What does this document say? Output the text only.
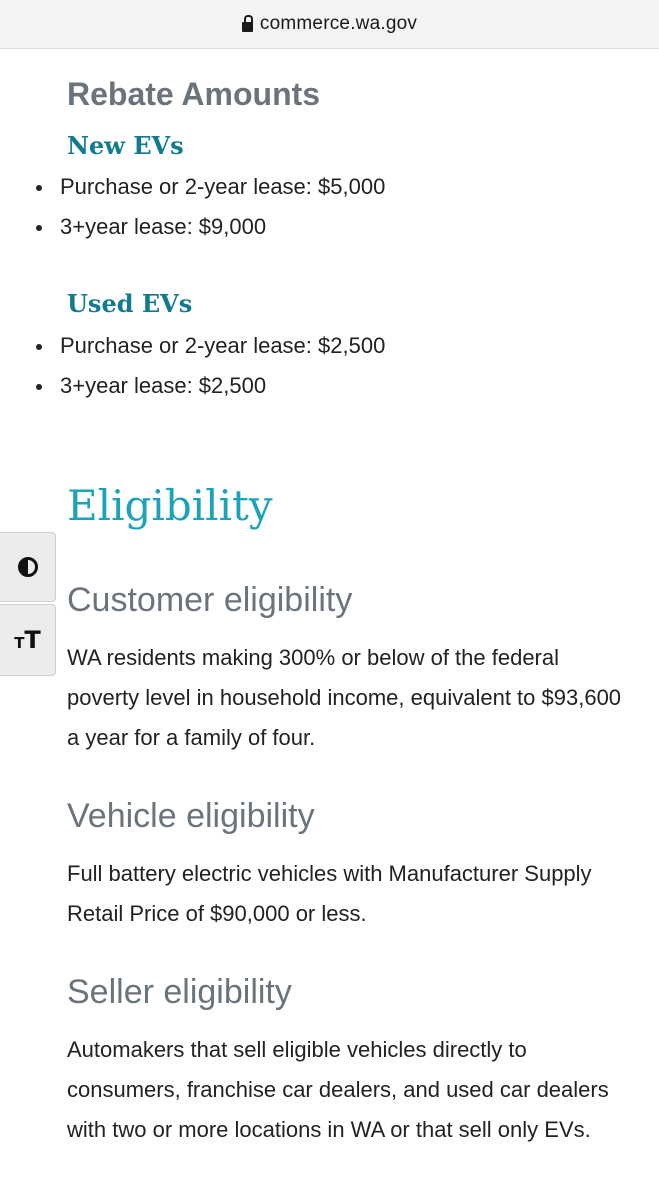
commerce.wa.gov
Rebate Amounts
New EVs
Purchase or 2-year lease: $5,000
3+year lease: $9,000
Used EVs
Purchase or 2-year lease: $2,500
3+year lease: $2,500
Eligibility
Customer eligibility

WA residents making 300% or below of the federal poverty level in household income, equivalent to $93,600 a year for a family of four.

Vehicle eligibility

Full battery electric vehicles with Manufacturer Supply Retail Price of $90,000 or less.

Seller eligibility

Automakers that sell eligible vehicles directly to consumers, franchise car dealers, and used car dealers with two or more locations in WA or that sell only EVs.

TT
